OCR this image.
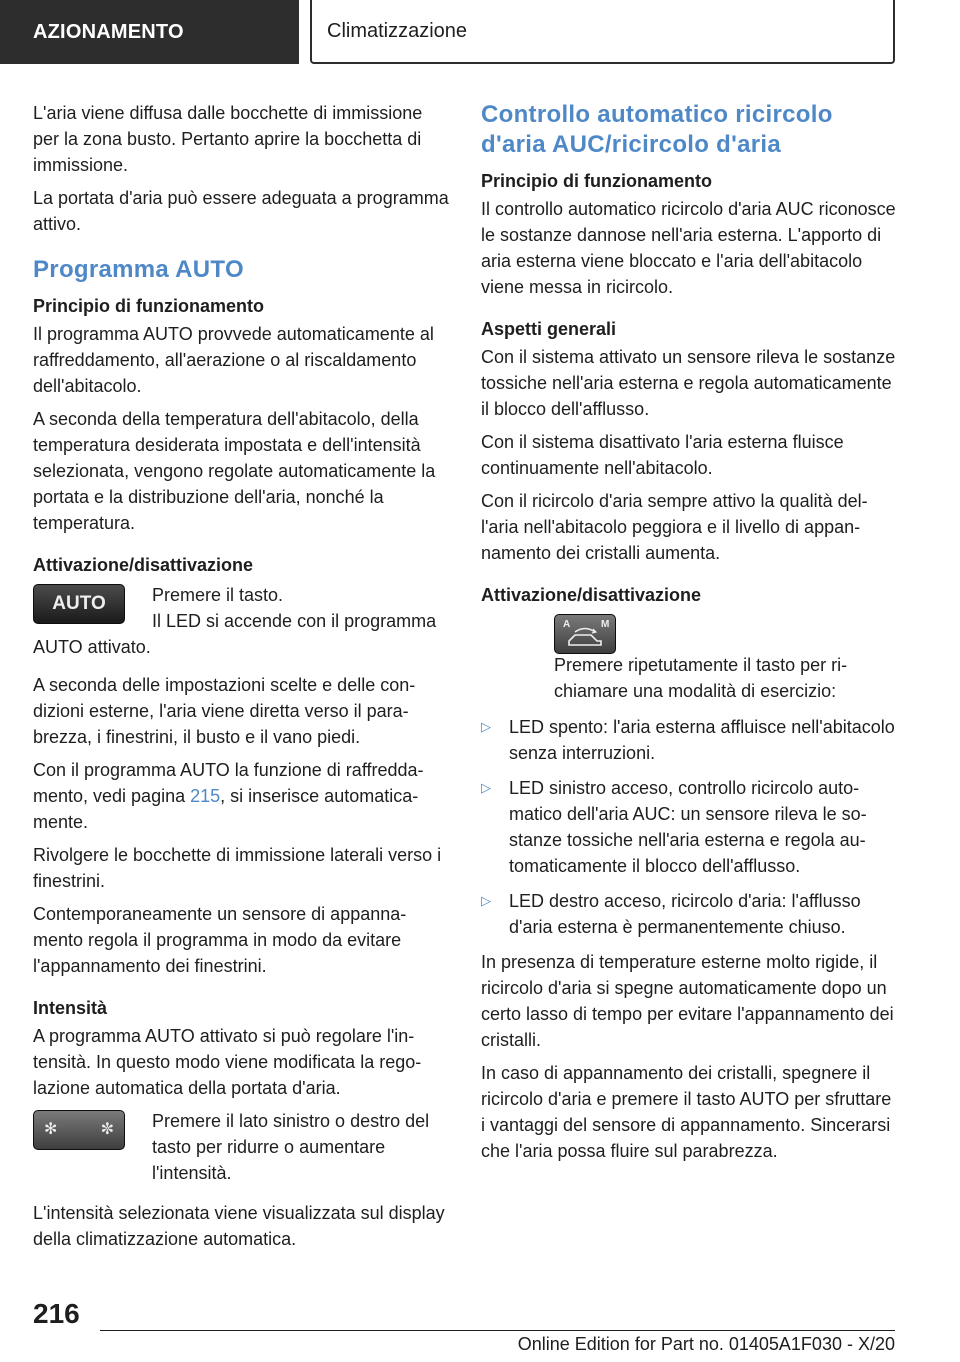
AZIONAMENTO	Climatizzazione

L'aria viene diffusa dalle bocchette di immissione per la zona busto. Pertanto aprire la bocchetta di immissione.

La portata d'aria può essere adeguata a programma attivo.

Programma AUTO
Principio di funzionamento

Il programma AUTO provvede automaticamente al raffreddamento, all'aerazione o al riscaldamento dell'abitacolo.

A seconda della temperatura dell'abitacolo, della temperatura desiderata impostata e dell'intensità selezionata, vengono regolate automaticamente la portata e la distribuzione dell'aria, nonché la temperatura.

Attivazione/disattivazione
AUTO	Premere il tasto.

Il LED si accende con il programma AUTO attivato.

A seconda delle impostazioni scelte e delle condizioni esterne, l'aria viene diretta verso il parabrezza, i finestrini, il busto e il vano piedi.

Con il programma AUTO la funzione di raffreddamento, vedi pagina 215, si inserisce automaticamente.

Rivolgere le bocchette di immissione laterali verso i finestrini.

Contemporaneamente un sensore di appannamento regola il programma in modo da evitare l'appannamento dei finestrini.

Intensità

A programma AUTO attivato si può regolare l'intensità. In questo modo viene modificata la regolazione automatica della portata d'aria.

✻	✼ Premere il lato sinistro o destro del tasto per ridurre o aumentare l'intensità.

L'intensità selezionata viene visualizzata sul display della climatizzazione automatica.

Controllo automatico ricircolo d'aria AUC/ricircolo d'aria
Principio di funzionamento

Il controllo automatico ricircolo d'aria AUC riconosce le sostanze dannose nell'aria esterna. L'apporto di aria esterna viene bloccato e l'aria dell'abitacolo viene messa in ricircolo.

Aspetti generali

Con il sistema attivato un sensore rileva le sostanze tossiche nell'aria esterna e regola automaticamente il blocco dell'afflusso.

Con il sistema disattivato l'aria esterna fluisce continuamente nell'abitacolo.

Con il ricircolo d'aria sempre attivo la qualità dell'aria nell'abitacolo peggiora e il livello di appannamento dei cristalli aumenta.

Attivazione/disattivazione
A	M

Premere ripetutamente il tasto per richiamare una modalità di esercizio:

▷ LED spento: l'aria esterna affluisce nell'abitacolo senza interruzioni.
▷ LED sinistro acceso, controllo ricircolo automatico dell'aria AUC: un sensore rileva le sostanze tossiche nell'aria esterna e regola automaticamente il blocco dell'afflusso.
▷ LED destro acceso, ricircolo d'aria: l'afflusso d'aria esterna è permanentemente chiuso.

In presenza di temperature esterne molto rigide, il ricircolo d'aria si spegne automaticamente dopo un certo lasso di tempo per evitare l'appannamento dei cristalli.

In caso di appannamento dei cristalli, spegnere il ricircolo d'aria e premere il tasto AUTO per sfruttare i vantaggi del sensore di appannamento. Sincerarsi che l'aria possa fluire sul parabrezza.

216
Online Edition for Part no. 01405A1F030 - X/20
